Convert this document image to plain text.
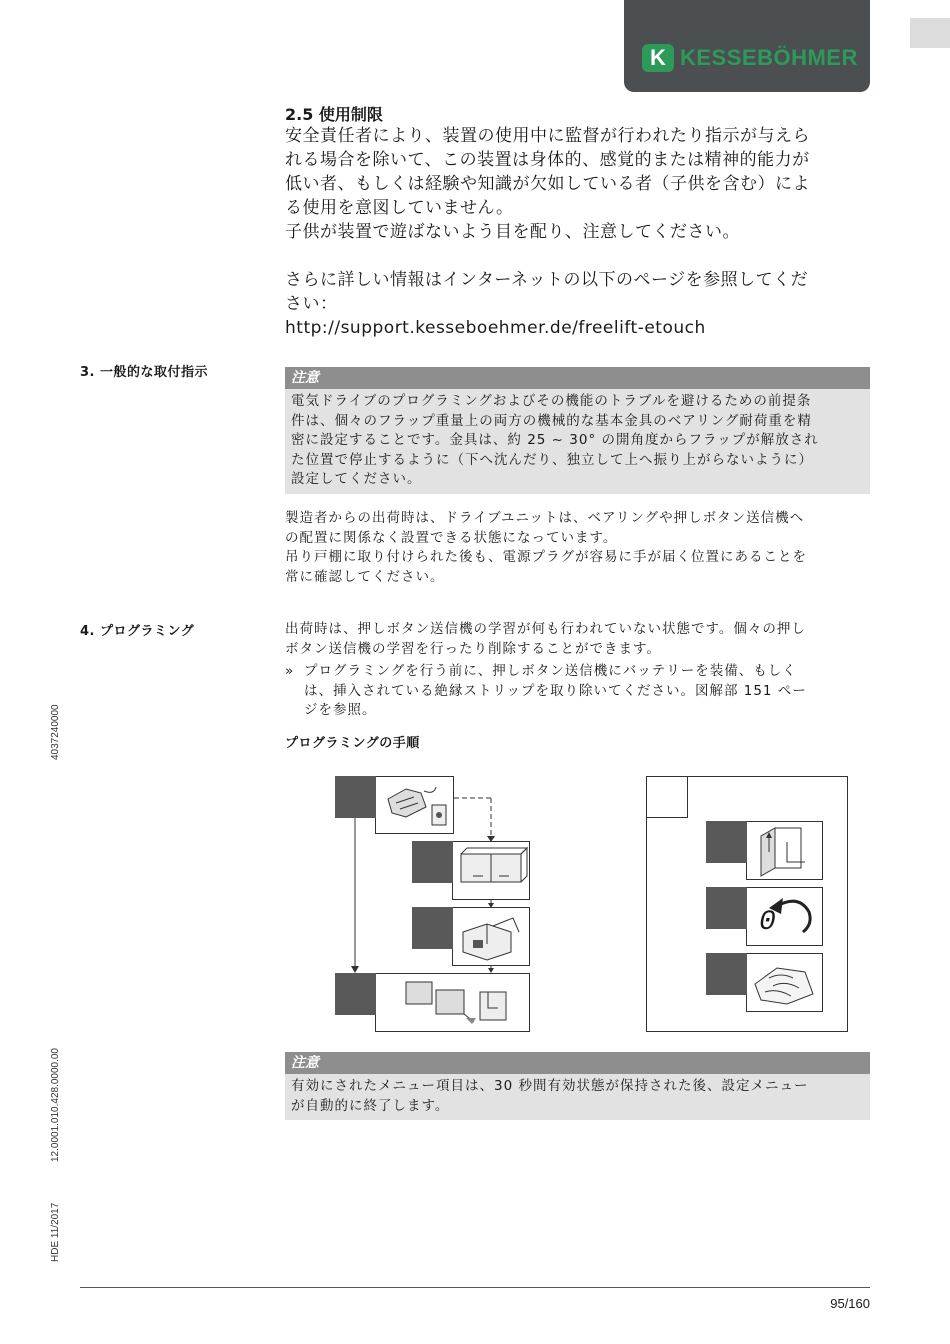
K KESSEBÖHMER
2.5 使用制限

安全責任者により、装置の使用中に監督が行われたり指示が与えら

れる場合を除いて、この装置は身体的、感覚的または精神的能力が

低い者、もしくは経験や知識が欠如している者（子供を含む）によ

る使用を意図していません。

子供が装置で遊ばないよう目を配り、注意してください。

さらに詳しい情報はインターネットの以下のページを参照してくだ

さい：

http://support.kesseboehmer.de/freelift-etouch

3. 一般的な取付指示	注意
電気ドライブのプログラミングおよびその機能のトラブルを避けるための前提条
件は、個々のフラップ重量上の両方の機械的な基本金具のベアリング耐荷重を精
密に設定することです。金具は、約 25 ~ 30° の開角度からフラップが解放され
た位置で停止するように（下へ沈んだり、独立して上へ振り上がらないように）
設定してください。

製造者からの出荷時は、ドライブユニットは、ベアリングや押しボタン送信機へ

の配置に関係なく設置できる状態になっています。

吊り戸棚に取り付けられた後も、電源プラグが容易に手が届く位置にあることを

常に確認してください。

4. プログラミング	出荷時は、押しボタン送信機の学習が何も行われていない状態です。個々の押し

ボタン送信機の学習を行ったり削除することができます。

» プログラミングを行う前に、押しボタン送信機にバッテリーを装備、もしく

は、挿入されている絶縁ストリップを取り除いてください。図解部 151 ペー

ジを参照。

プログラミングの手順
0
注意
有効にされたメニュー項目は、30 秒間有効状態が保持された後、設定メニュー
が自動的に終了します。
4037240000
12.0001.010.428.0000.00
HDE 11/2017
95/160
